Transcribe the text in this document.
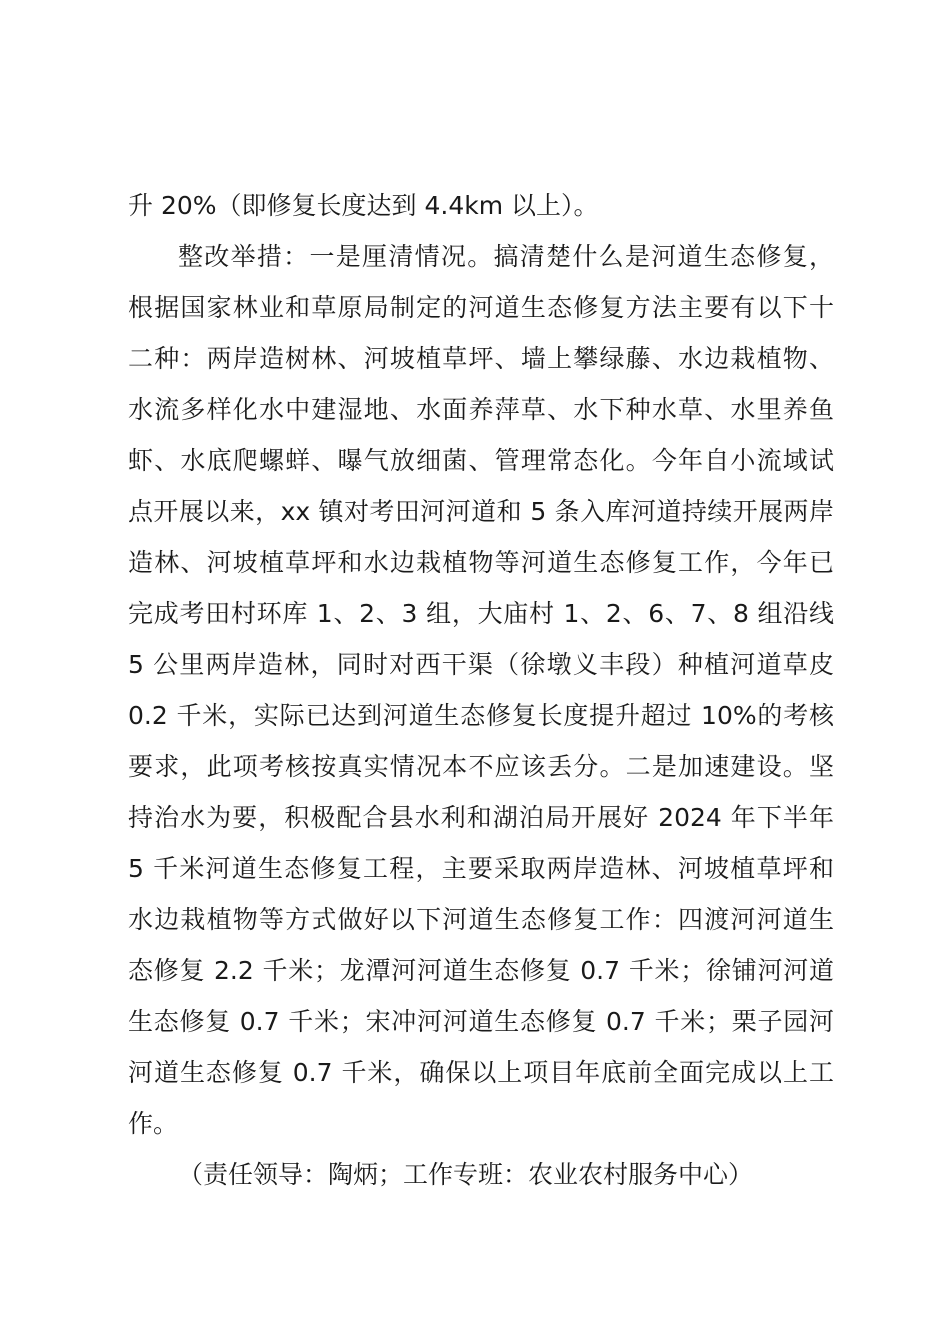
升 20%（即修复长度达到 4.4km 以上）。
整改举措：一是厘清情况。搞清楚什么是河道生态修复，
根据国家林业和草原局制定的河道生态修复方法主要有以下十
二种：两岸造树林、河坡植草坪、墙上攀绿藤、水边栽植物、
水流多样化水中建湿地、水面养萍草、水下种水草、水里养鱼
虾、水底爬螺蛘、曝气放细菌、管理常态化。今年自小流域试
点开展以来，xx 镇对考田河河道和 5 条入库河道持续开展两岸
造林、河坡植草坪和水边栽植物等河道生态修复工作，今年已
完成考田村环库 1、2、3 组，大庙村 1、2、6、7、8 组沿线
5 公里两岸造林，同时对西干渠（徐墩义丰段）种植河道草皮
0.2 千米，实际已达到河道生态修复长度提升超过 10%的考核
要求，此项考核按真实情况本不应该丢分。二是加速建设。坚
持治水为要，积极配合县水利和湖泊局开展好 2024 年下半年
5 千米河道生态修复工程，主要采取两岸造林、河坡植草坪和
水边栽植物等方式做好以下河道生态修复工作：四渡河河道生
态修复 2.2 千米；龙潭河河道生态修复 0.7 千米；徐铺河河道
生态修复 0.7 千米；宋冲河河道生态修复 0.7 千米；栗子园河
河道生态修复 0.7 千米，确保以上项目年底前全面完成以上工
作。
（责任领导：陶炳；工作专班：农业农村服务中心）
